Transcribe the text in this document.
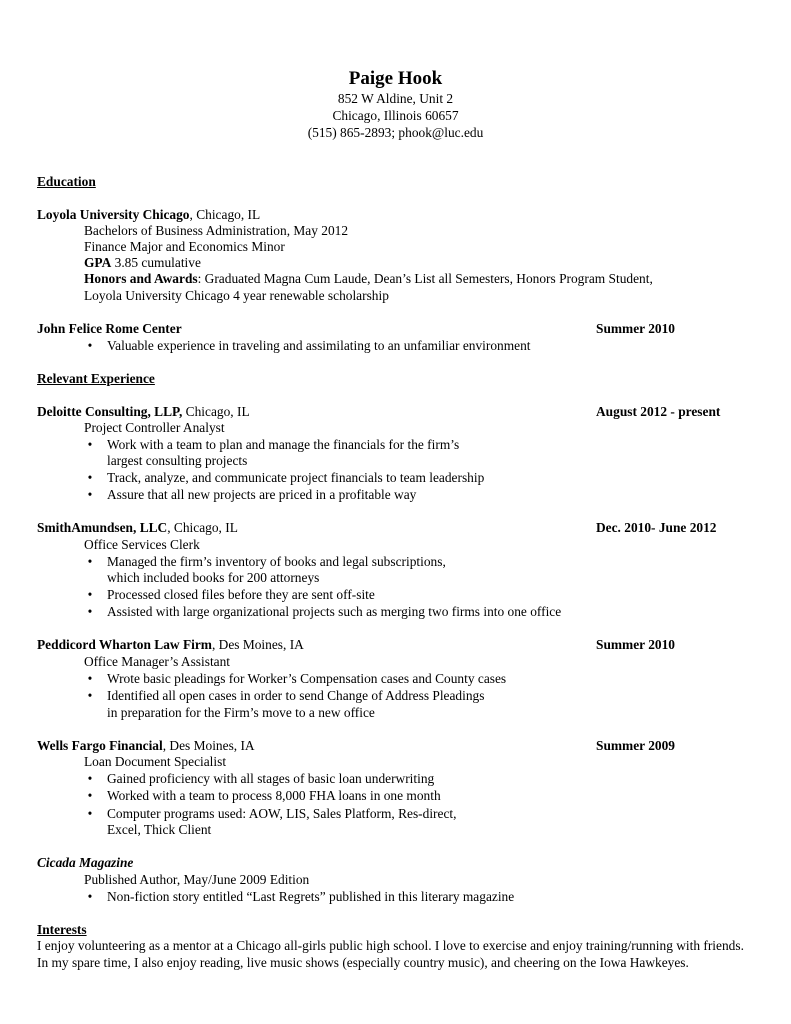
Paige Hook
852 W Aldine, Unit 2
Chicago, Illinois 60657
(515) 865-2893; phook@luc.edu
Education
Loyola University Chicago, Chicago, IL
Bachelors of Business Administration, May 2012
Finance Major and Economics Minor
GPA 3.85 cumulative
Honors and Awards: Graduated Magna Cum Laude, Dean’s List all Semesters, Honors Program Student,
Loyola University Chicago 4 year renewable scholarship
John Felice Rome Center	Summer 2010
• Valuable experience in traveling and assimilating to an unfamiliar environment
Relevant Experience
Deloitte Consulting, LLP, Chicago, IL	August 2012 - present
Project Controller Analyst
• Work with a team to plan and manage the financials for the firm’s
largest consulting projects
• Track, analyze, and communicate project financials to team leadership
• Assure that all new projects are priced in a profitable way
SmithAmundsen, LLC, Chicago, IL	Dec. 2010- June 2012
Office Services Clerk
• Managed the firm’s inventory of books and legal subscriptions,
which included books for 200 attorneys
• Processed closed files before they are sent off-site
• Assisted with large organizational projects such as merging two firms into one office
Peddicord Wharton Law Firm, Des Moines, IA	Summer 2010
Office Manager’s Assistant
• Wrote basic pleadings for Worker’s Compensation cases and County cases
• Identified all open cases in order to send Change of Address Pleadings
in preparation for the Firm’s move to a new office
Wells Fargo Financial, Des Moines, IA	Summer 2009
Loan Document Specialist
• Gained proficiency with all stages of basic loan underwriting
• Worked with a team to process 8,000 FHA loans in one month
• Computer programs used: AOW, LIS, Sales Platform, Res-direct,
Excel, Thick Client
Cicada Magazine
Published Author, May/June 2009 Edition
• Non-fiction story entitled “Last Regrets” published in this literary magazine
Interests
I enjoy volunteering as a mentor at a Chicago all-girls public high school. I love to exercise and enjoy training/running with friends. In my spare time, I also enjoy reading, live music shows (especially country music), and cheering on the Iowa Hawkeyes.
